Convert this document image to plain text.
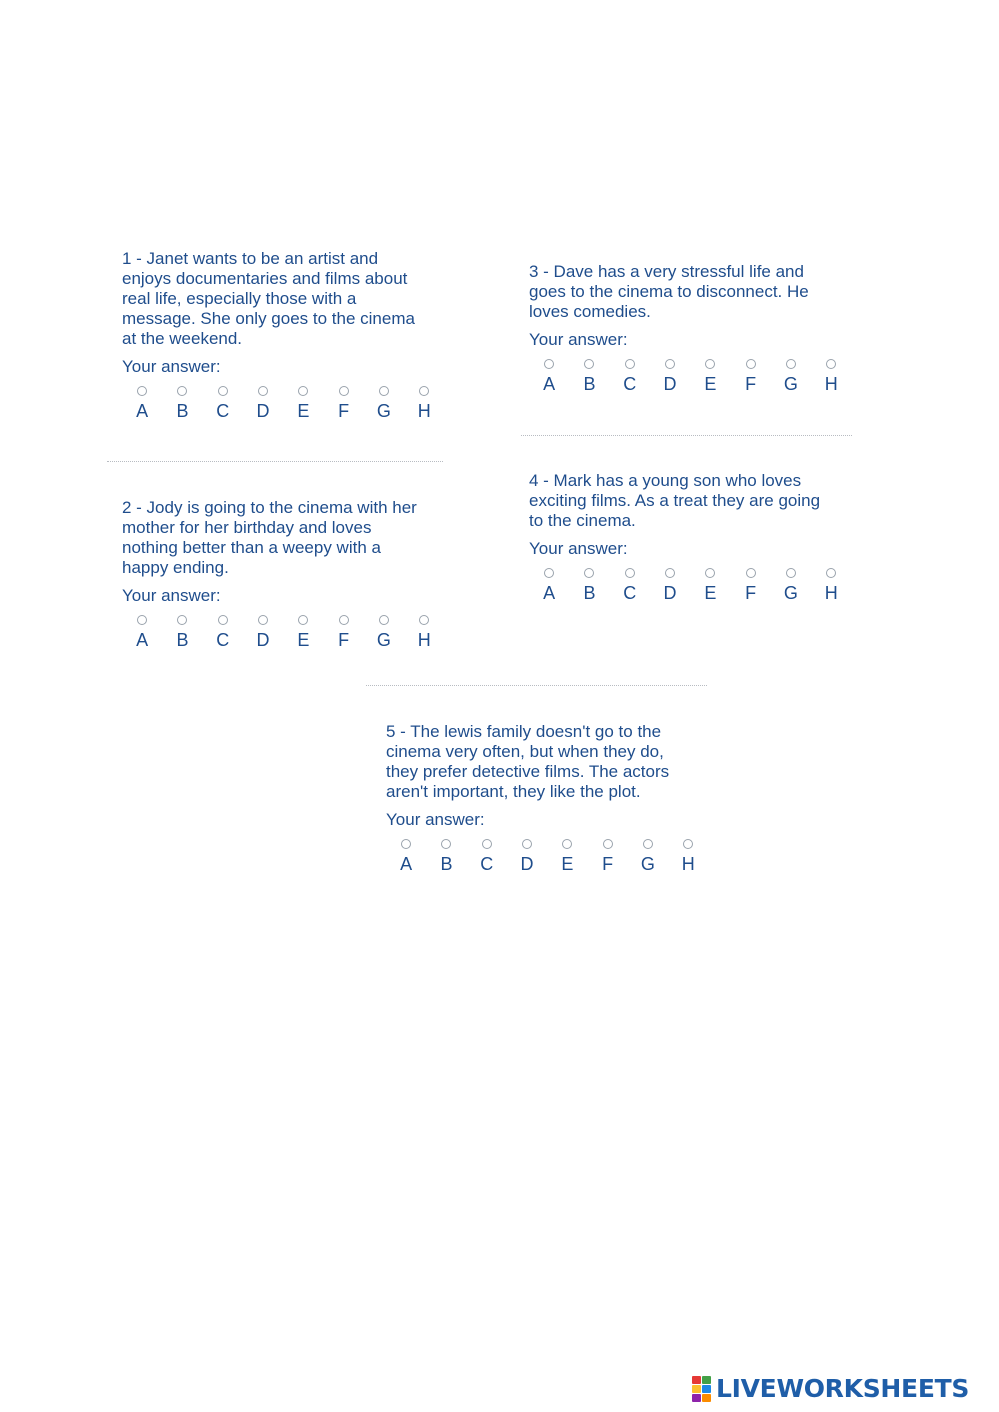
1 - Janet wants to be an artist and
enjoys documentaries and films about
real life, especially those with a
message. She only goes to the cinema
at the weekend.

Your answer:
A B C D E F G H

2 - Jody is going to the cinema with her
mother for her birthday and loves
nothing better than a weepy with a
happy ending.

Your answer:
A B C D E F G H

3 - Dave has a very stressful life and
goes to the cinema to disconnect. He
loves comedies.

Your answer:
A B C D E F G H

4 - Mark has a young son who loves
exciting films. As a treat they are going
to the cinema.

Your answer:
A B C D E F G H

5 - The lewis family doesn't go to the
cinema very often, but when they do,
they prefer detective films. The actors
aren't important, they like the plot.

Your answer:
A B C D E F G H
LIVEWORKSHEETS
